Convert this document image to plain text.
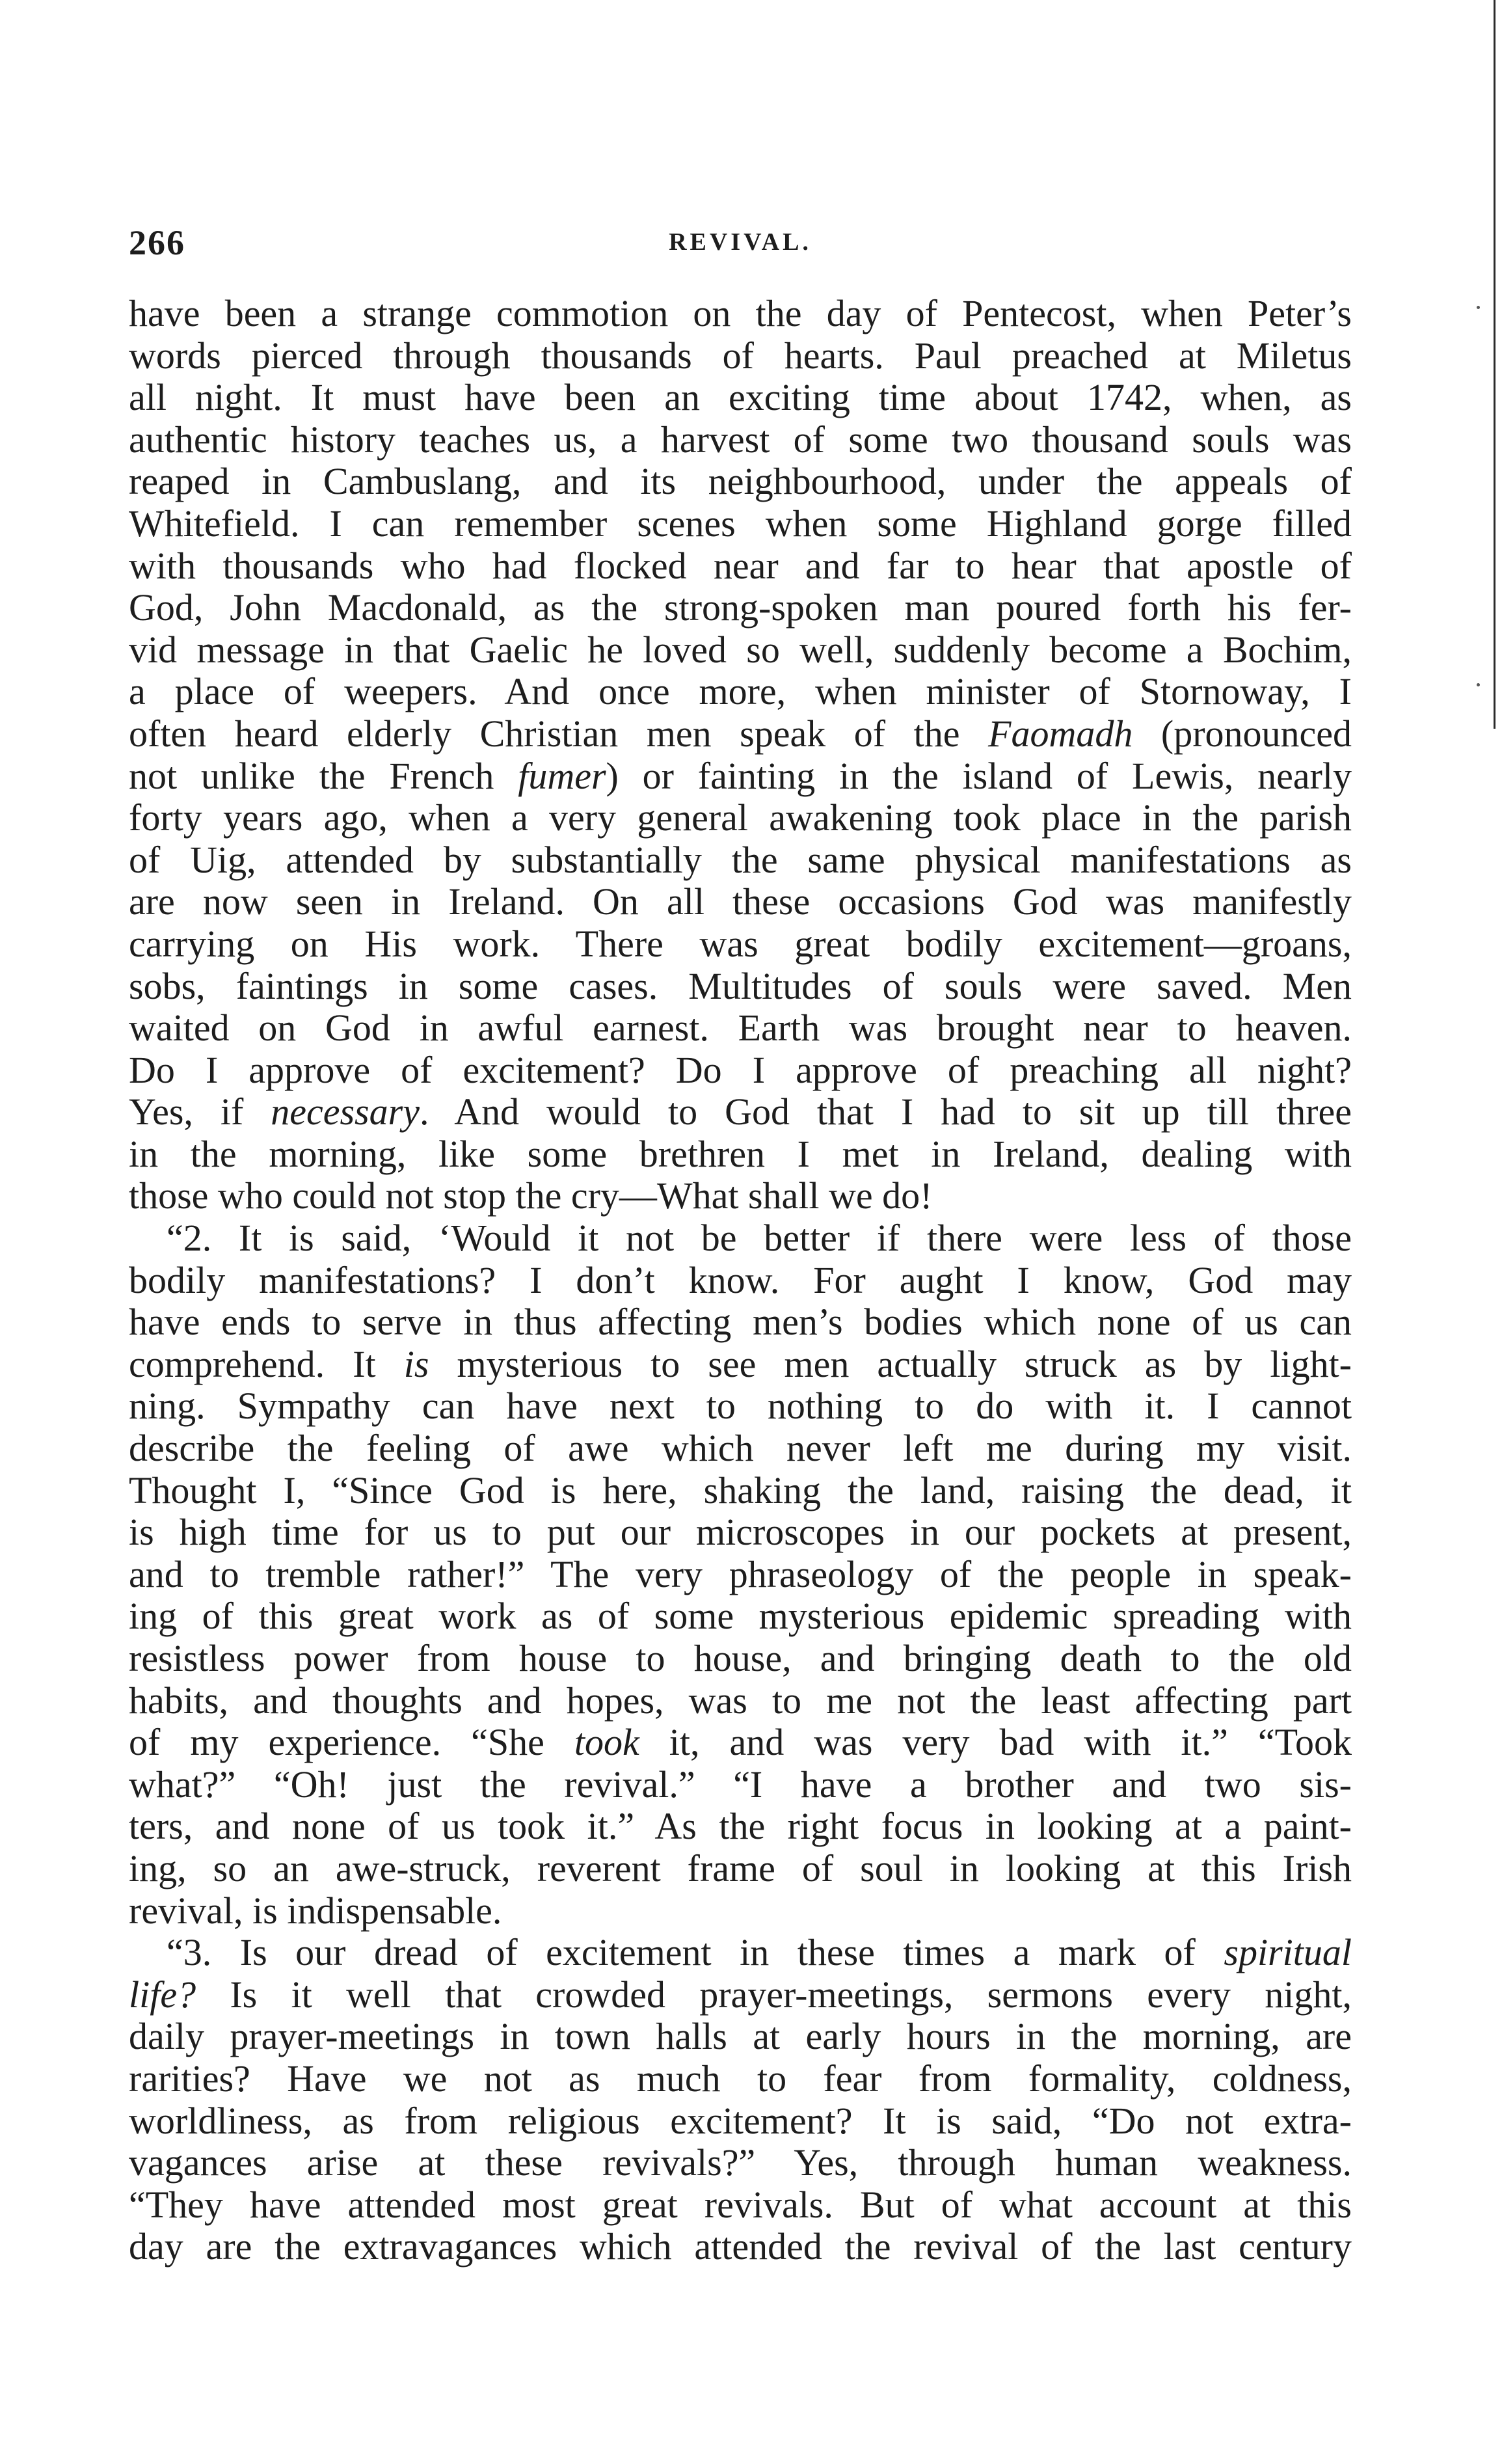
266	REVIVAL.
have been a strange commotion on the day of Pentecost, when Peter’s
words pierced through thousands of hearts. Paul preached at Miletus
all night. It must have been an exciting time about 1742, when, as
authentic history teaches us, a harvest of some two thousand souls was
reaped in Cambuslang, and its neighbourhood, under the appeals of
Whitefield. I can remember scenes when some Highland gorge filled
with thousands who had flocked near and far to hear that apostle of
God, John Macdonald, as the strong-spoken man poured forth his fer-
vid message in that Gaelic he loved so well, suddenly become a Bochim,
a place of weepers. And once more, when minister of Stornoway, I
often heard elderly Christian men speak of the Faomadh (pronounced
not unlike the French fumer) or fainting in the island of Lewis, nearly
forty years ago, when a very general awakening took place in the parish
of Uig, attended by substantially the same physical manifestations as
are now seen in Ireland. On all these occasions God was manifestly
carrying on His work. There was great bodily excitement—groans,
sobs, faintings in some cases. Multitudes of souls were saved. Men
waited on God in awful earnest. Earth was brought near to heaven.
Do I approve of excitement? Do I approve of preaching all night?
Yes, if necessary. And would to God that I had to sit up till three
in the morning, like some brethren I met in Ireland, dealing with
those who could not stop the cry—What shall we do!
“2. It is said, ‘Would it not be better if there were less of those
bodily manifestations? I don’t know. For aught I know, God may
have ends to serve in thus affecting men’s bodies which none of us can
comprehend. It is mysterious to see men actually struck as by light-
ning. Sympathy can have next to nothing to do with it. I cannot
describe the feeling of awe which never left me during my visit.
Thought I, “Since God is here, shaking the land, raising the dead, it
is high time for us to put our microscopes in our pockets at present,
and to tremble rather!” The very phraseology of the people in speak-
ing of this great work as of some mysterious epidemic spreading with
resistless power from house to house, and bringing death to the old
habits, and thoughts and hopes, was to me not the least affecting part
of my experience. “She took it, and was very bad with it.” “Took
what?” “Oh! just the revival.” “I have a brother and two sis-
ters, and none of us took it.” As the right focus in looking at a paint-
ing, so an awe-struck, reverent frame of soul in looking at this Irish
revival, is indispensable.
“3. Is our dread of excitement in these times a mark of spiritual
life? Is it well that crowded prayer-meetings, sermons every night,
daily prayer-meetings in town halls at early hours in the morning, are
rarities? Have we not as much to fear from formality, coldness,
worldliness, as from religious excitement? It is said, “Do not extra-
vagances arise at these revivals?” Yes, through human weakness.
“They have attended most great revivals. But of what account at this
day are the extravagances which attended the revival of the last century
